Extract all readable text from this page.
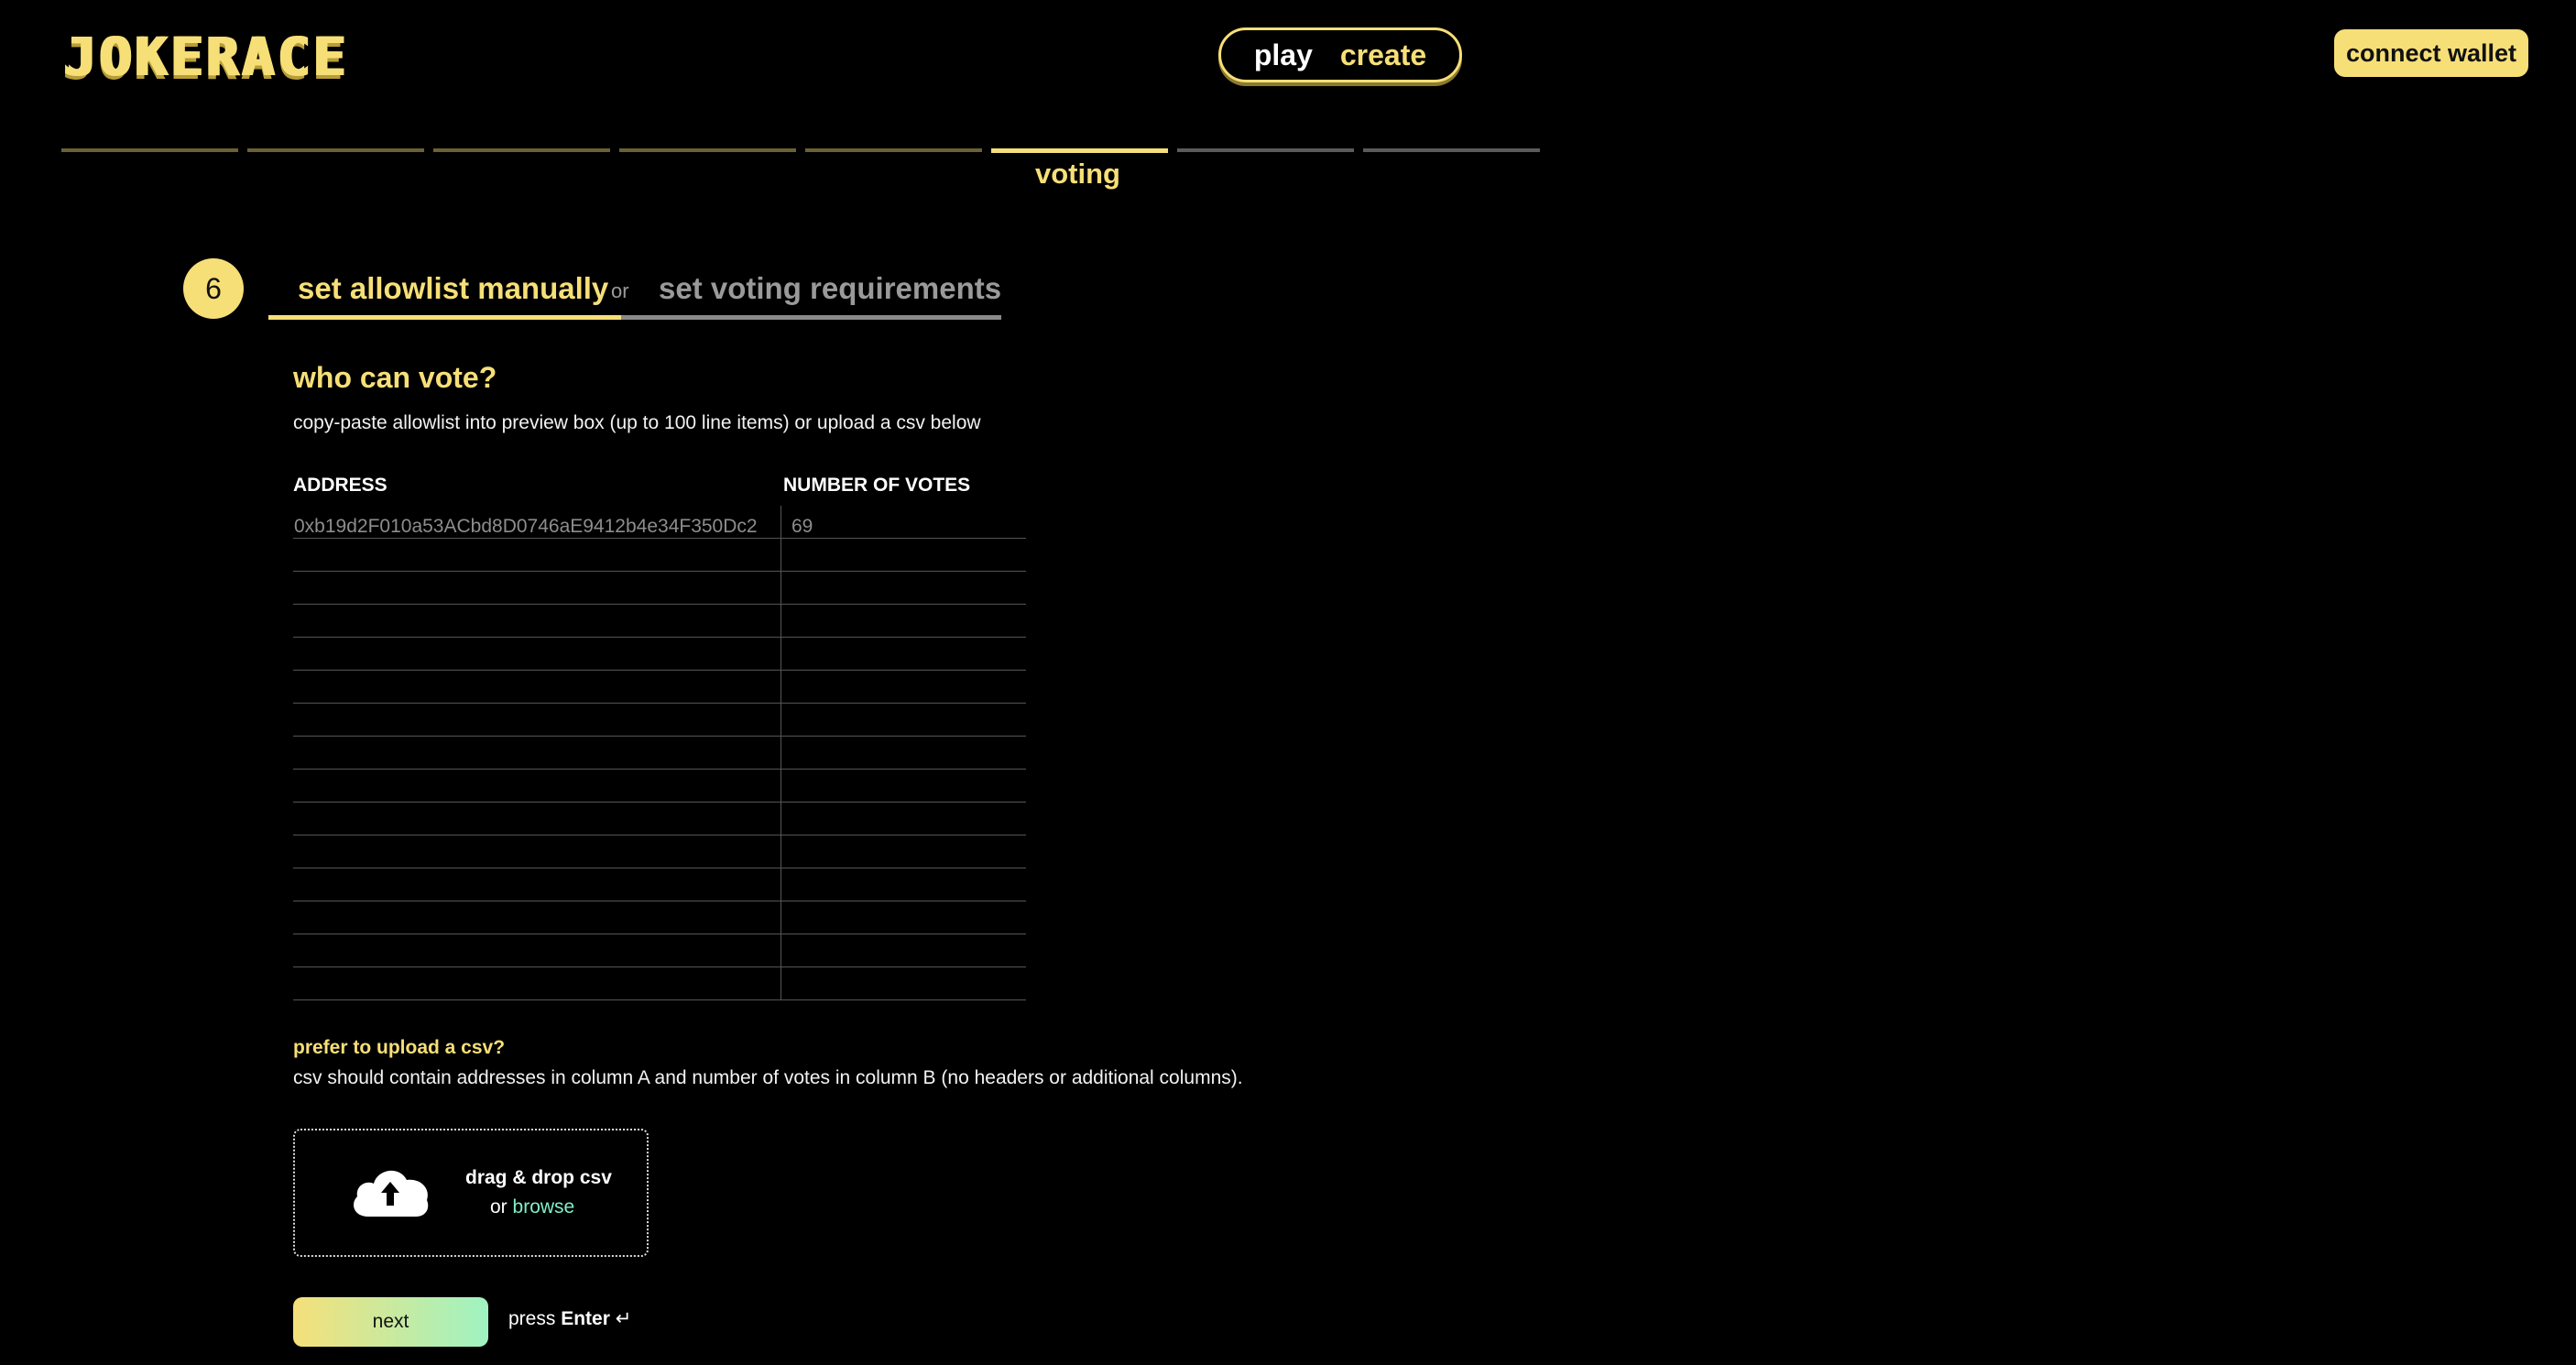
JOKERACE	play create	connect wallet
voting
6	set allowlist manually or set voting requirements
who can vote?
copy-paste allowlist into preview box (up to 100 line items) or upload a csv below
ADDRESS	NUMBER OF VOTES
0xb19d2F010a53ACbd8D0746aE9412b4e34F350Dc2	69
prefer to upload a csv?
csv should contain addresses in column A and number of votes in column B (no headers or additional columns).
drag & drop csv
or browse
next	press Enter ↵
